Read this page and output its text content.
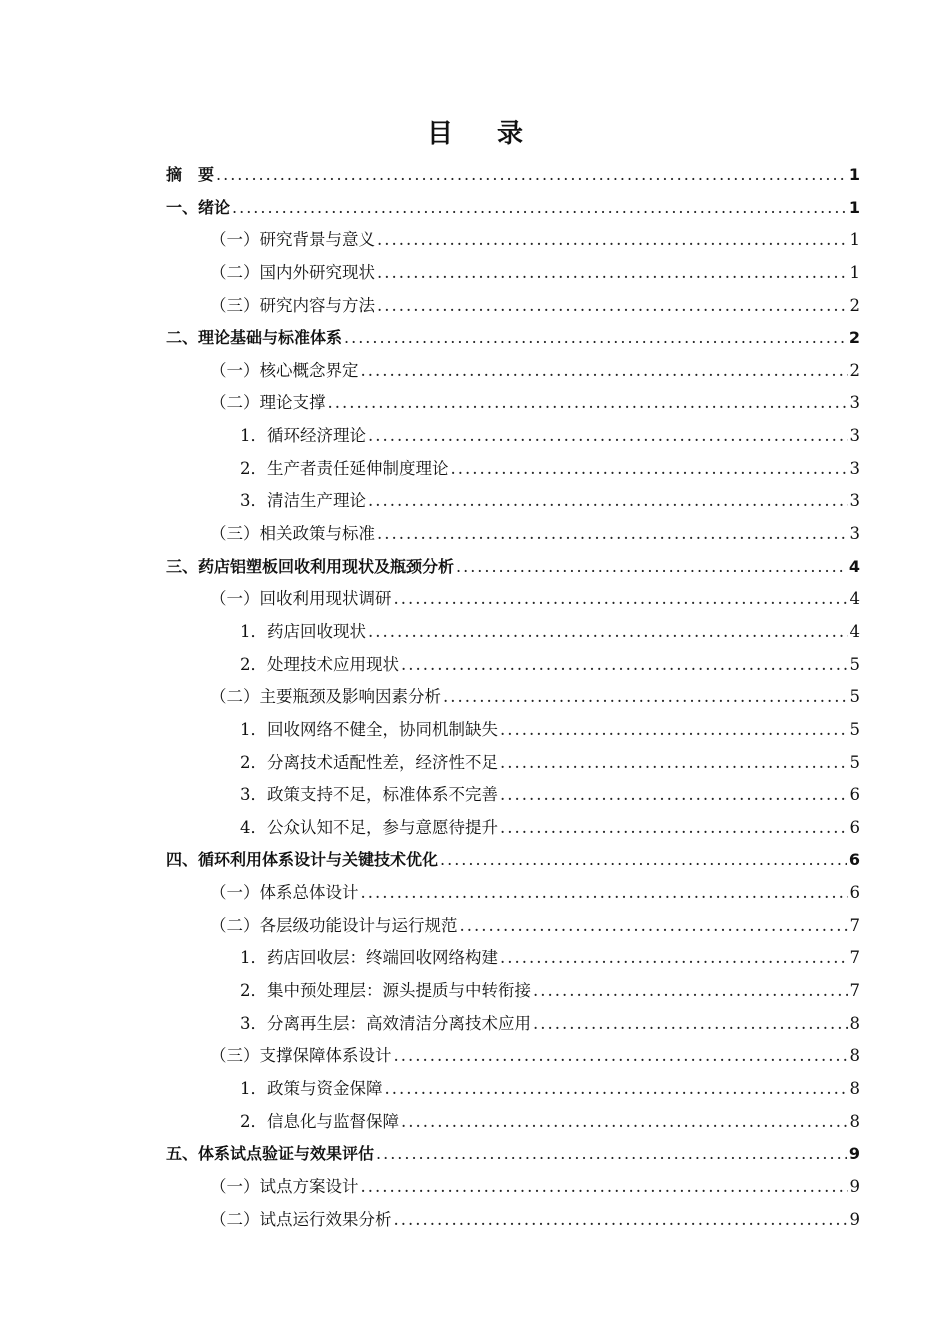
目录
摘　要 .....	1
一、绪论 .....	1
（一）研究背景与意义 .....	1
（二）国内外研究现状 .....	1
（三）研究内容与方法 .....	2
二、理论基础与标准体系 .....	2
（一）核心概念界定 .....	2
（二）理论支撑 .....	3
1．循环经济理论 .....	3
2．生产者责任延伸制度理论 .....	3
3．清洁生产理论 .....	3
（三）相关政策与标准 .....	3
三、药店铝塑板回收利用现状及瓶颈分析 .....	4
（一）回收利用现状调研 .....	4
1．药店回收现状 .....	4
2．处理技术应用现状 .....	5
（二）主要瓶颈及影响因素分析 .....	5
1．回收网络不健全，协同机制缺失 .....	5
2．分离技术适配性差，经济性不足 .....	5
3．政策支持不足，标准体系不完善 .....	6
4．公众认知不足，参与意愿待提升 .....	6
四、循环利用体系设计与关键技术优化 .....	6
（一）体系总体设计 .....	6
（二）各层级功能设计与运行规范 .....	7
1．药店回收层：终端回收网络构建 .....	7
2．集中预处理层：源头提质与中转衔接 .....	7
3．分离再生层：高效清洁分离技术应用 .....	8
（三）支撑保障体系设计 .....	8
1．政策与资金保障 .....	8
2．信息化与监督保障 .....	8
五、体系试点验证与效果评估 .....	9
（一）试点方案设计 .....	9
（二）试点运行效果分析 .....	9
